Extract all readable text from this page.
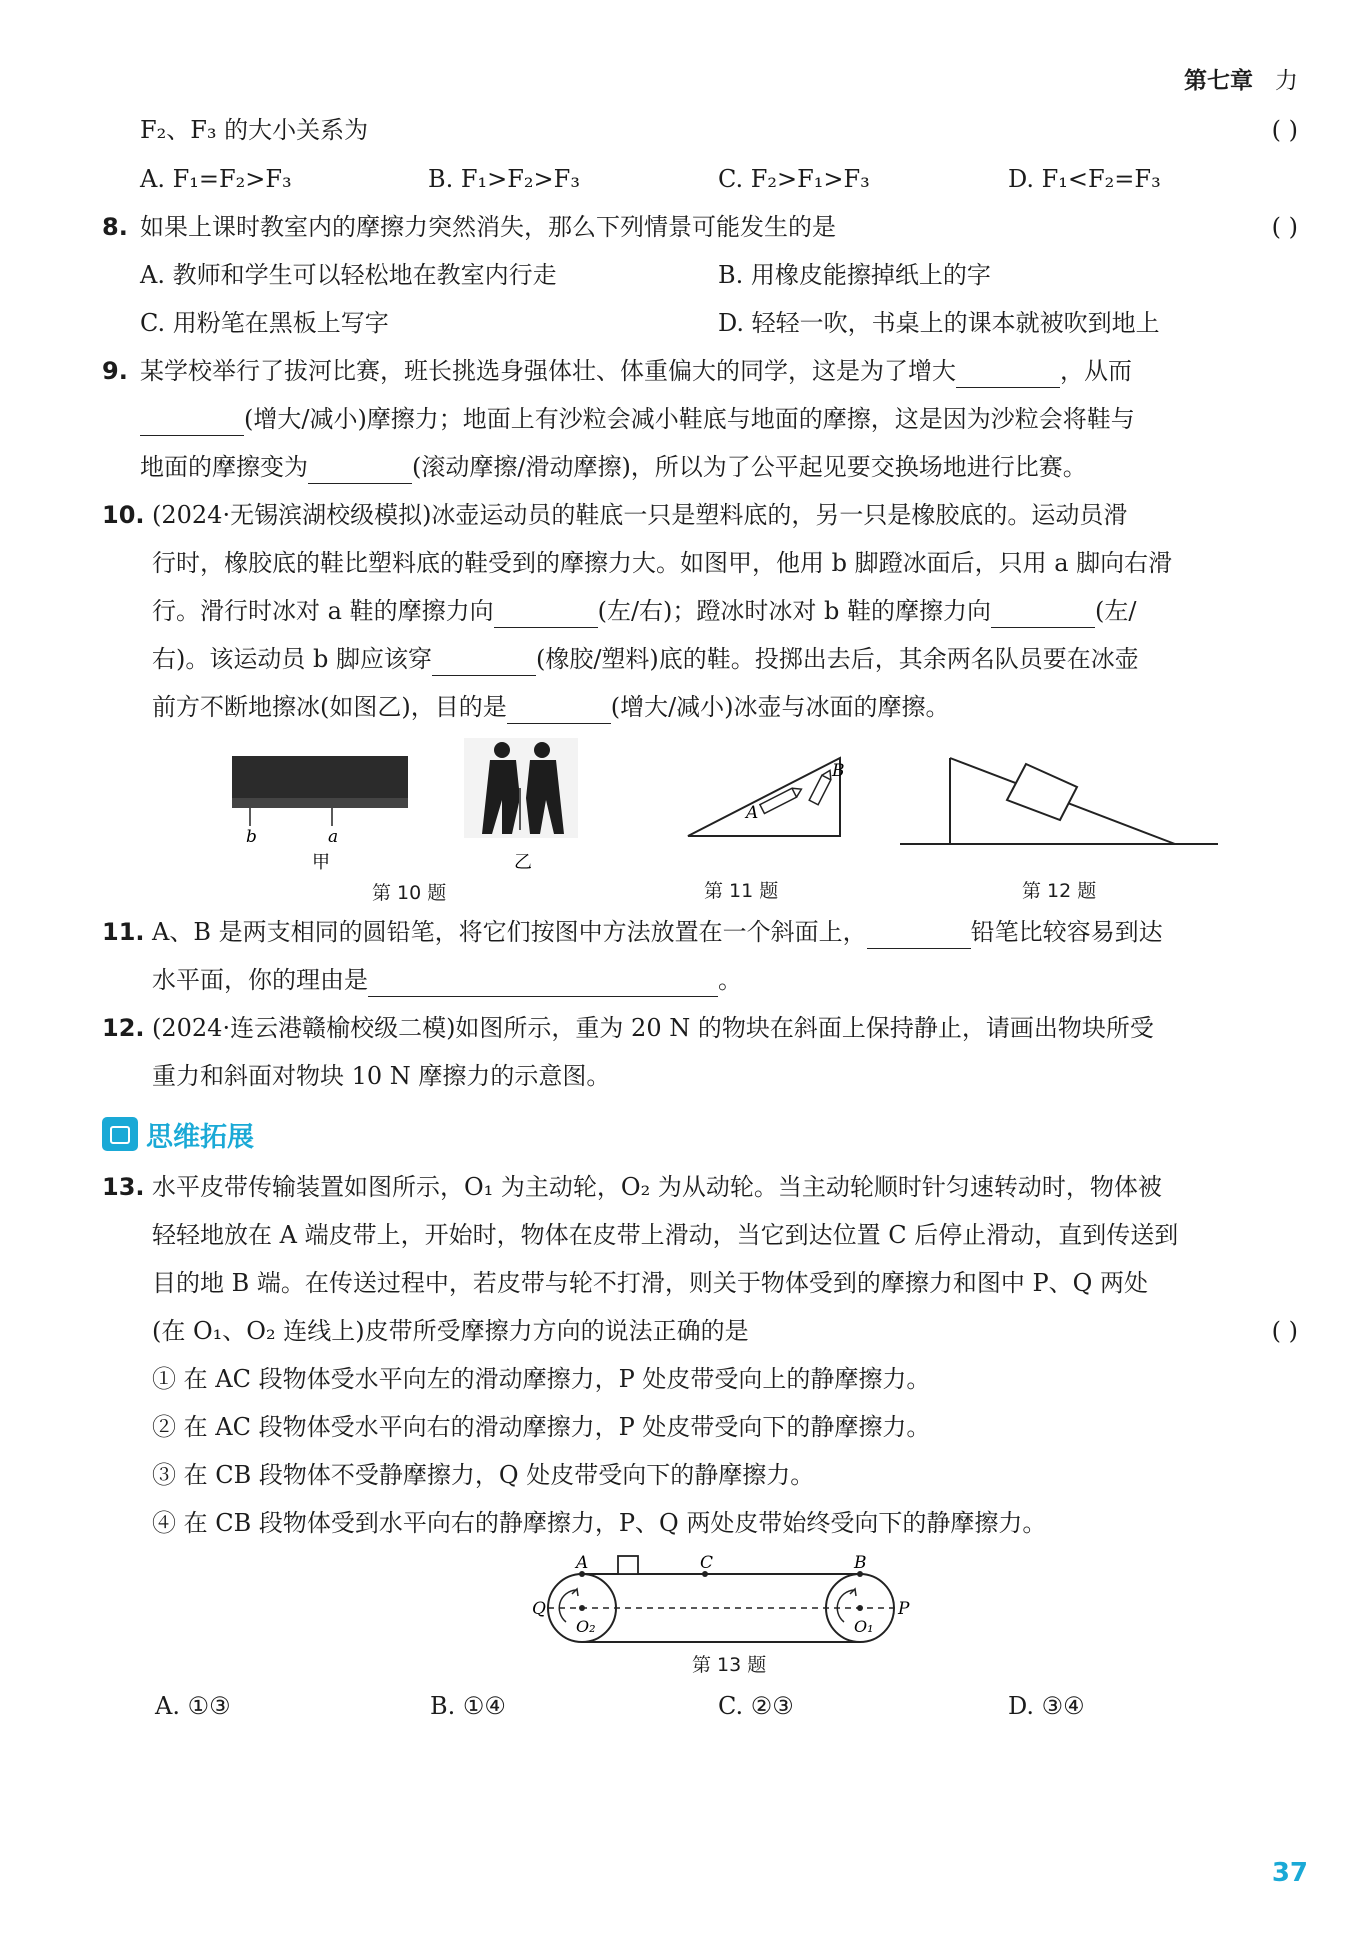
第七章 力
F₂、F₃ 的大小关系为	( )
A. F₁=F₂>F₃	B. F₁>F₂>F₃	C. F₂>F₁>F₃	D. F₁<F₂=F₃
8. 如果上课时教室内的摩擦力突然消失，那么下列情景可能发生的是	( )
A. 教师和学生可以轻松地在教室内行走	B. 用橡皮能擦掉纸上的字
C. 用粉笔在黑板上写字	D. 轻轻一吹，书桌上的课本就被吹到地上
9. 某学校举行了拔河比赛，班长挑选身强体壮、体重偏大的同学，这是为了增大	，从而
(增大/减小)摩擦力；地面上有沙粒会减小鞋底与地面的摩擦，这是因为沙粒会将鞋与
地面的摩擦变为	(滚动摩擦/滑动摩擦)，所以为了公平起见要交换场地进行比赛。
10. (2024·无锡滨湖校级模拟)冰壶运动员的鞋底一只是塑料底的，另一只是橡胶底的。运动员滑
行时，橡胶底的鞋比塑料底的鞋受到的摩擦力大。如图甲，他用 b 脚蹬冰面后，只用 a 脚向右滑
行。滑行时冰对 a 鞋的摩擦力向	(左/右)；蹬冰时冰对 b 鞋的摩擦力向	(左/
右)。该运动员 b 脚应该穿	(橡胶/塑料)底的鞋。投掷出去后，其余两名队员要在冰壶
前方不断地擦冰(如图乙)，目的是	(增大/减小)冰壶与冰面的摩擦。
b	a
甲	乙
A
B
第 10 题	第 11 题	第 12 题
11. A、B 是两支相同的圆铅笔，将它们按图中方法放置在一个斜面上，	铅笔比较容易到达
水平面，你的理由是	。
12. (2024·连云港赣榆校级二模)如图所示，重为 20 N 的物块在斜面上保持静止，请画出物块所受
重力和斜面对物块 10 N 摩擦力的示意图。
思维拓展
13. 水平皮带传输装置如图所示，O₁ 为主动轮，O₂ 为从动轮。当主动轮顺时针匀速转动时，物体被
轻轻地放在 A 端皮带上，开始时，物体在皮带上滑动，当它到达位置 C 后停止滑动，直到传送到
目的地 B 端。在传送过程中，若皮带与轮不打滑，则关于物体受到的摩擦力和图中 P、Q 两处
(在 O₁、O₂ 连线上)皮带所受摩擦力方向的说法正确的是	( )
① 在 AC 段物体受水平向左的滑动摩擦力，P 处皮带受向上的静摩擦力。
② 在 AC 段物体受水平向右的滑动摩擦力，P 处皮带受向下的静摩擦力。
③ 在 CB 段物体不受静摩擦力，Q 处皮带受向下的静摩擦力。
④ 在 CB 段物体受到水平向右的静摩擦力，P、Q 两处皮带始终受向下的静摩擦力。
A	C	B
Q	P
O₂	O₁
第 13 题
A. ①③	B. ①④	C. ②③	D. ③④
37
